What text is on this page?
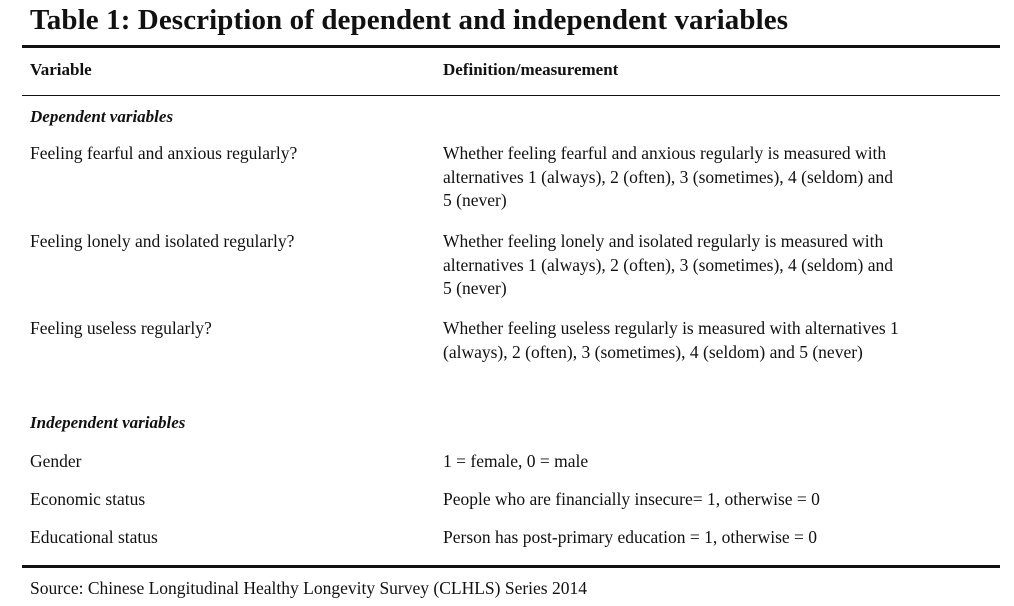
Table 1: Description of dependent and independent variables
Variable	Definition/measurement
Dependent variables
Feeling fearful and anxious regularly?	Whether feeling fearful and anxious regularly is measured with
alternatives 1 (always), 2 (often), 3 (sometimes), 4 (seldom) and
5 (never)
Feeling lonely and isolated regularly?	Whether feeling lonely and isolated regularly is measured with
alternatives 1 (always), 2 (often), 3 (sometimes), 4 (seldom) and
5 (never)
Feeling useless regularly?	Whether feeling useless regularly is measured with alternatives 1
(always), 2 (often), 3 (sometimes), 4 (seldom) and 5 (never)
Independent variables
Gender	1 = female, 0 = male
Economic status	People who are financially insecure= 1, otherwise = 0
Educational status	Person has post-primary education = 1, otherwise = 0
Source: Chinese Longitudinal Healthy Longevity Survey (CLHLS) Series 2014
